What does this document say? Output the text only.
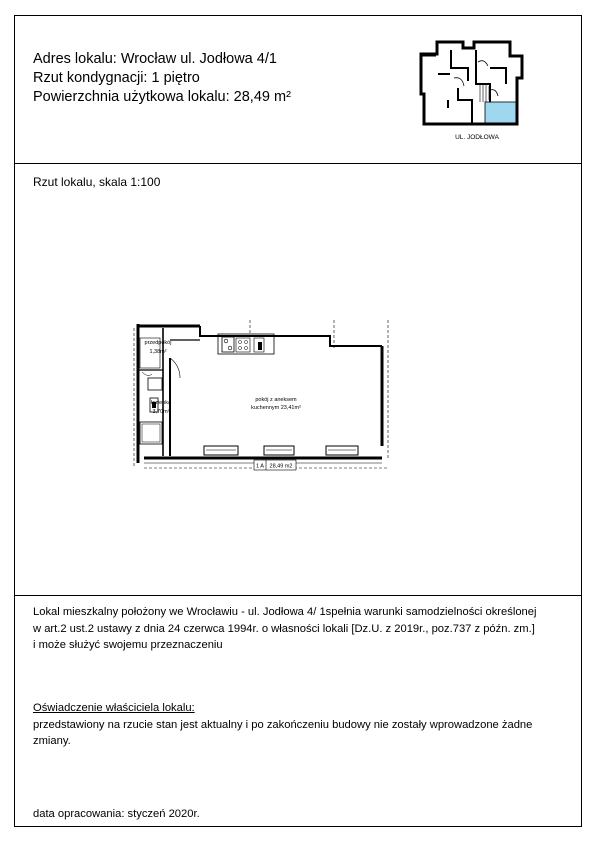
Adres lokalu: Wrocław ul. Jodłowa 4/1
Rzut kondygnacji: 1 piętro
Powierzchnia użytkowa lokalu: 28,49 m²
UL. JODŁOWA
Rzut lokalu, skala 1:100
przedpokój
1,38m²
łazienka
3,70m²
pokój z aneksem
kuchennym 23,41m²
1 A 28,49 m2
Lokal mieszkalny położony we Wrocławiu - ul. Jodłowa 4/ 1spełnia warunki samodzielności określonej
w art.2 ust.2 ustawy z dnia 24 czerwca 1994r. o własności lokali [Dz.U. z 2019r., poz.737 z późn. zm.]
i może służyć swojemu przeznaczeniu
Oświadczenie właściciela lokalu:
przedstawiony na rzucie stan jest aktualny i po zakończeniu budowy nie zostały wprowadzone żadne
zmiany.
data opracowania: styczeń 2020r.
